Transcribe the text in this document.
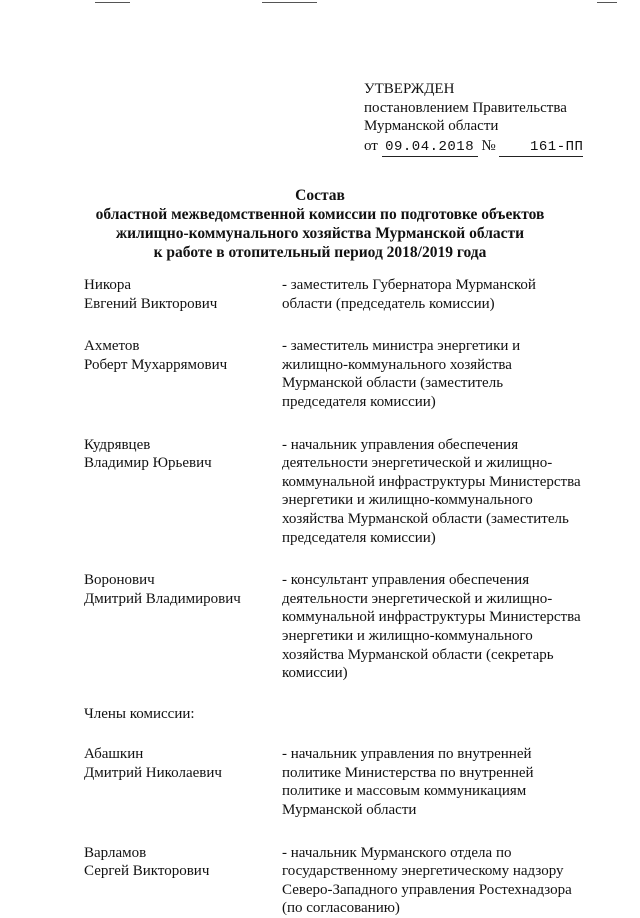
УТВЕРЖДЕН
постановлением Правительства
Мурманской области
от 09.04.2018 № 161-ПП
Состав
областной межведомственной комиссии по подготовке объектов
жилищно-коммунального хозяйства Мурманской области
к работе в отопительный период 2018/2019 года
Никора
Евгений Викторович
- заместитель Губернатора Мурманской
области (председатель комиссии)
Ахметов
Роберт Мухаррямович
- заместитель министра энергетики и
жилищно-коммунального хозяйства
Мурманской области (заместитель
председателя комиссии)
Кудрявцев
Владимир Юрьевич
- начальник управления обеспечения
деятельности энергетической и жилищно-
коммунальной инфраструктуры Министерства
энергетики и жилищно-коммунального
хозяйства Мурманской области (заместитель
председателя комиссии)
Воронович
Дмитрий Владимирович
- консультант управления обеспечения
деятельности энергетической и жилищно-
коммунальной инфраструктуры Министерства
энергетики и жилищно-коммунального
хозяйства Мурманской области (секретарь
комиссии)
Члены комиссии:
Абашкин
Дмитрий Николаевич
- начальник управления по внутренней
политике Министерства по внутренней
политике и массовым коммуникациям
Мурманской области
Варламов
Сергей Викторович
- начальник Мурманского отдела по
государственному энергетическому надзору
Северо-Западного управления Ростехнадзора
(по согласованию)
